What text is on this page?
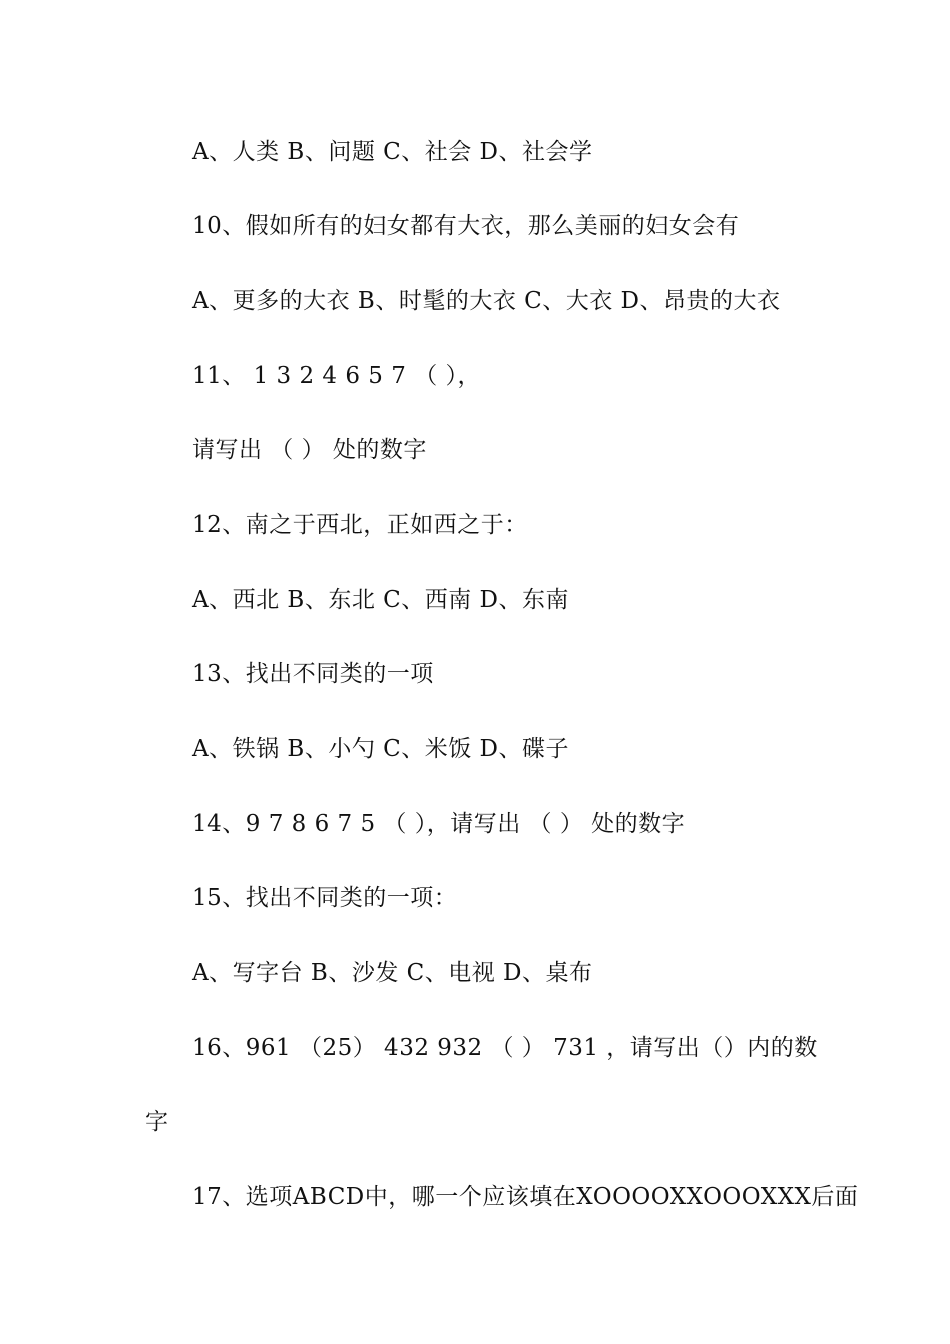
A、人类 B、问题 C、社会 D、社会学
10、假如所有的妇女都有大衣，那么美丽的妇女会有
A、更多的大衣 B、时髦的大衣 C、大衣 D、昂贵的大衣
11、 1 3 2 4 6 5 7 （ ），
请写出 （ ） 处的数字
12、南之于西北，正如西之于：
A、西北 B、东北 C、西南 D、东南
13、找出不同类的一项
A、铁锅 B、小勺 C、米饭 D、碟子
14、9 7 8 6 7 5 （ ），请写出 （ ） 处的数字
15、找出不同类的一项：
A、写字台 B、沙发 C、电视 D、桌布
16、961 （25） 432 932 （ ） 731 ，请写出（）内的数
字
17、选项ABCD中，哪一个应该填在XOOOOXXOOOXXX后面
